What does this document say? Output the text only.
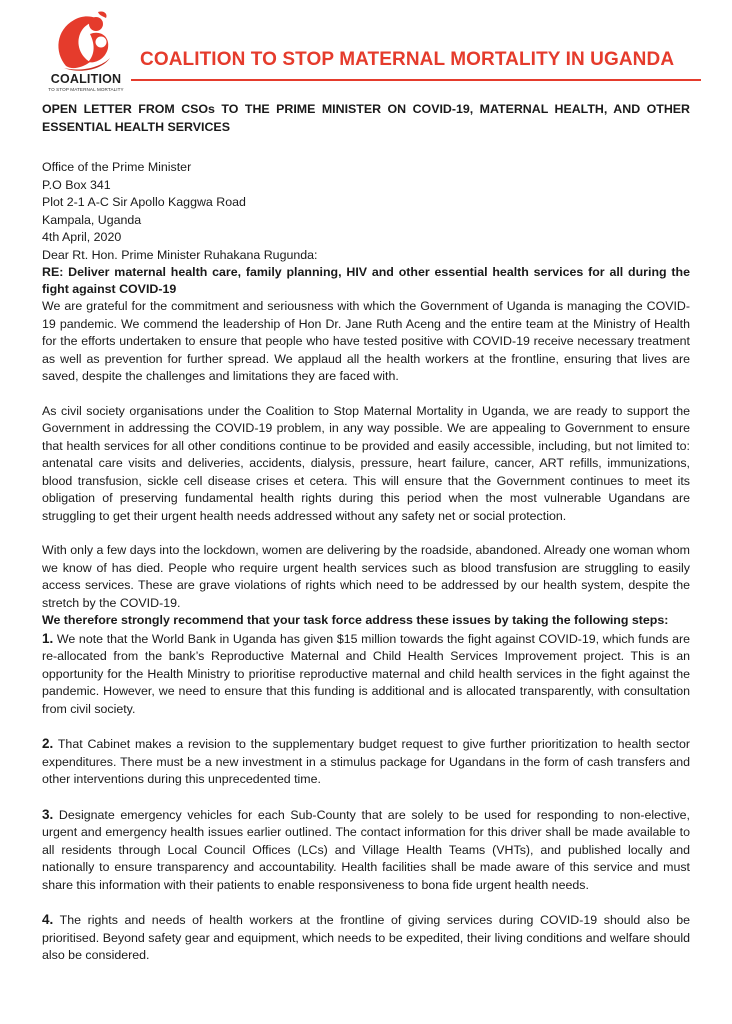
COALITION
TO STOP MATERNAL MORTALITY
COALITION TO STOP MATERNAL MORTALITY IN UGANDA

OPEN LETTER FROM CSOs TO THE PRIME MINISTER ON COVID-19, MATERNAL HEALTH, AND OTHER ESSENTIAL HEALTH SERVICES

Office of the Prime Minister
P.O Box 341
Plot 2-1 A-C Sir Apollo Kaggwa Road
Kampala, Uganda
4th April, 2020

Dear Rt. Hon. Prime Minister Ruhakana Rugunda:

RE: Deliver maternal health care, family planning, HIV and other essential health services for all during the fight against COVID-19

We are grateful for the commitment and seriousness with which the Government of Uganda is managing the COVID-19 pandemic. We commend the leadership of Hon Dr. Jane Ruth Aceng and the entire team at the Ministry of Health for the efforts undertaken to ensure that people who have tested positive with COVID-19 receive necessary treatment as well as prevention for further spread. We applaud all the health workers at the frontline, ensuring that lives are saved, despite the challenges and limitations they are faced with.

As civil society organisations under the Coalition to Stop Maternal Mortality in Uganda, we are ready to support the Government in addressing the COVID-19 problem, in any way possible. We are appealing to Government to ensure that health services for all other conditions continue to be provided and easily accessible, including, but not limited to: antenatal care visits and deliveries, accidents, dialysis, pressure, heart failure, cancer, ART refills, immunizations, blood transfusion, sickle cell disease crises et cetera. This will ensure that the Government continues to meet its obligation of preserving fundamental health rights during this period when the most vulnerable Ugandans are struggling to get their urgent health needs addressed without any safety net or social protection.

With only a few days into the lockdown, women are delivering by the roadside, abandoned. Already one woman whom we know of has died. People who require urgent health services such as blood transfusion are struggling to easily access services. These are grave violations of rights which need to be addressed by our health system, despite the stretch by the COVID-19.

We therefore strongly recommend that your task force address these issues by taking the following steps:

1. We note that the World Bank in Uganda has given $15 million towards the fight against COVID-19, which funds are re-allocated from the bank’s Reproductive Maternal and Child Health Services Improvement project. This is an opportunity for the Health Ministry to prioritise reproductive maternal and child health services in the fight against the pandemic. However, we need to ensure that this funding is additional and is allocated transparently, with consultation from civil society.

2. That Cabinet makes a revision to the supplementary budget request to give further prioritization to health sector expenditures. There must be a new investment in a stimulus package for Ugandans in the form of cash transfers and other interventions during this unprecedented time.

3. Designate emergency vehicles for each Sub-County that are solely to be used for responding to non-elective, urgent and emergency health issues earlier outlined. The contact information for this driver shall be made available to all residents through Local Council Offices (LCs) and Village Health Teams (VHTs), and published locally and nationally to ensure transparency and accountability. Health facilities shall be made aware of this service and must share this information with their patients to enable responsiveness to bona fide urgent health needs.

4. The rights and needs of health workers at the frontline of giving services during COVID-19 should also be prioritised. Beyond safety gear and equipment, which needs to be expedited, their living conditions and welfare should also be considered.
